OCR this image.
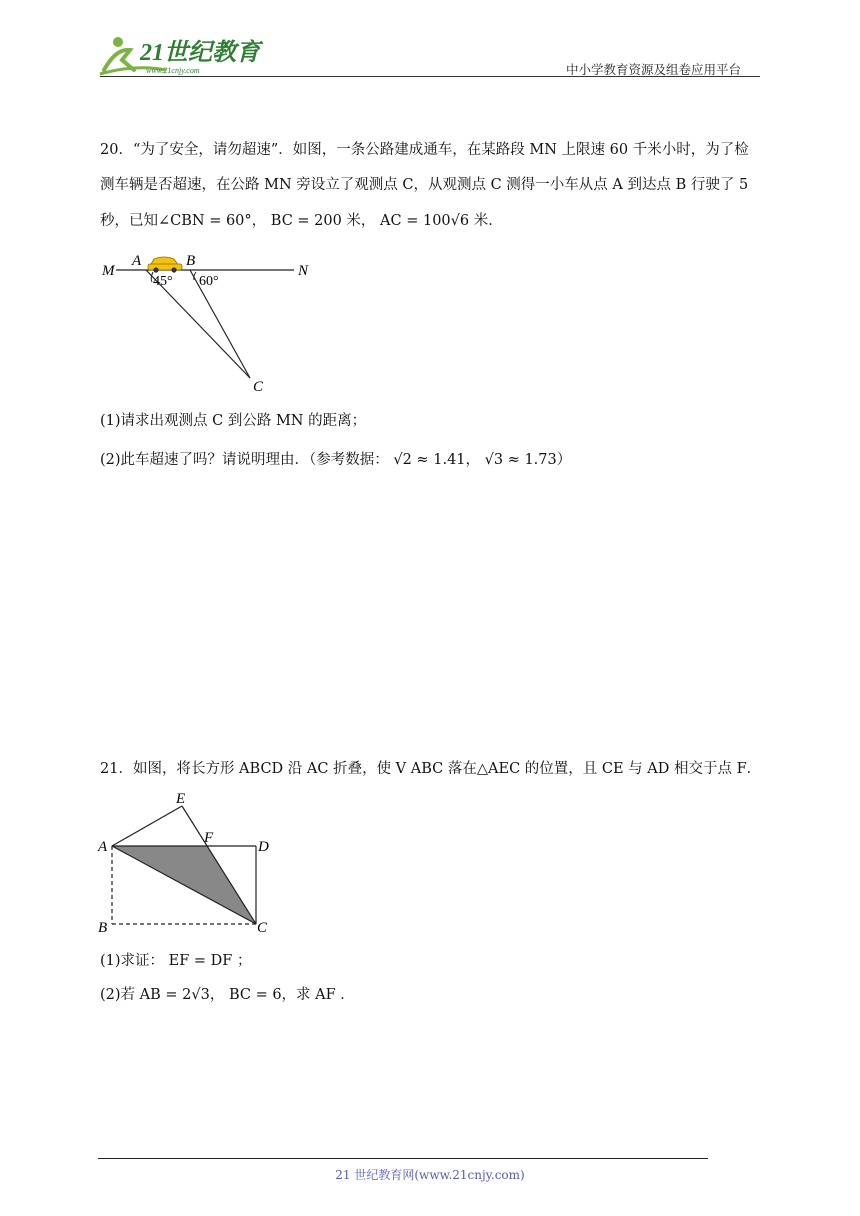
21世纪教育
www.21cnjy.com	中小学教育资源及组卷应用平台
20．“为了安全，请勿超速”．如图，一条公路建成通车，在某路段 MN 上限速 60 千米小时，为了检
测车辆是否超速，在公路 MN 旁设立了观测点 C，从观测点 C 测得一小车从点 A 到达点 B 行驶了 5
秒，已知∠CBN = 60°， BC = 200 米， AC = 100√6 米．
M
A	B
N
C
45° 60°
(1)请求出观测点 C 到公路 MN 的距离；
(2)此车超速了吗？请说明理由．（参考数据： √2 ≈ 1.41， √3 ≈ 1.73）
21．如图，将长方形 ABCD 沿 AC 折叠，使 V ABC 落在△AEC 的位置，且 CE 与 AD 相交于点 F．
A
B	C
D
E
F
(1)求证： EF = DF ；
(2)若 AB = 2√3， BC = 6，求 AF ．
21 世纪教育网(www.21cnjy.com)
